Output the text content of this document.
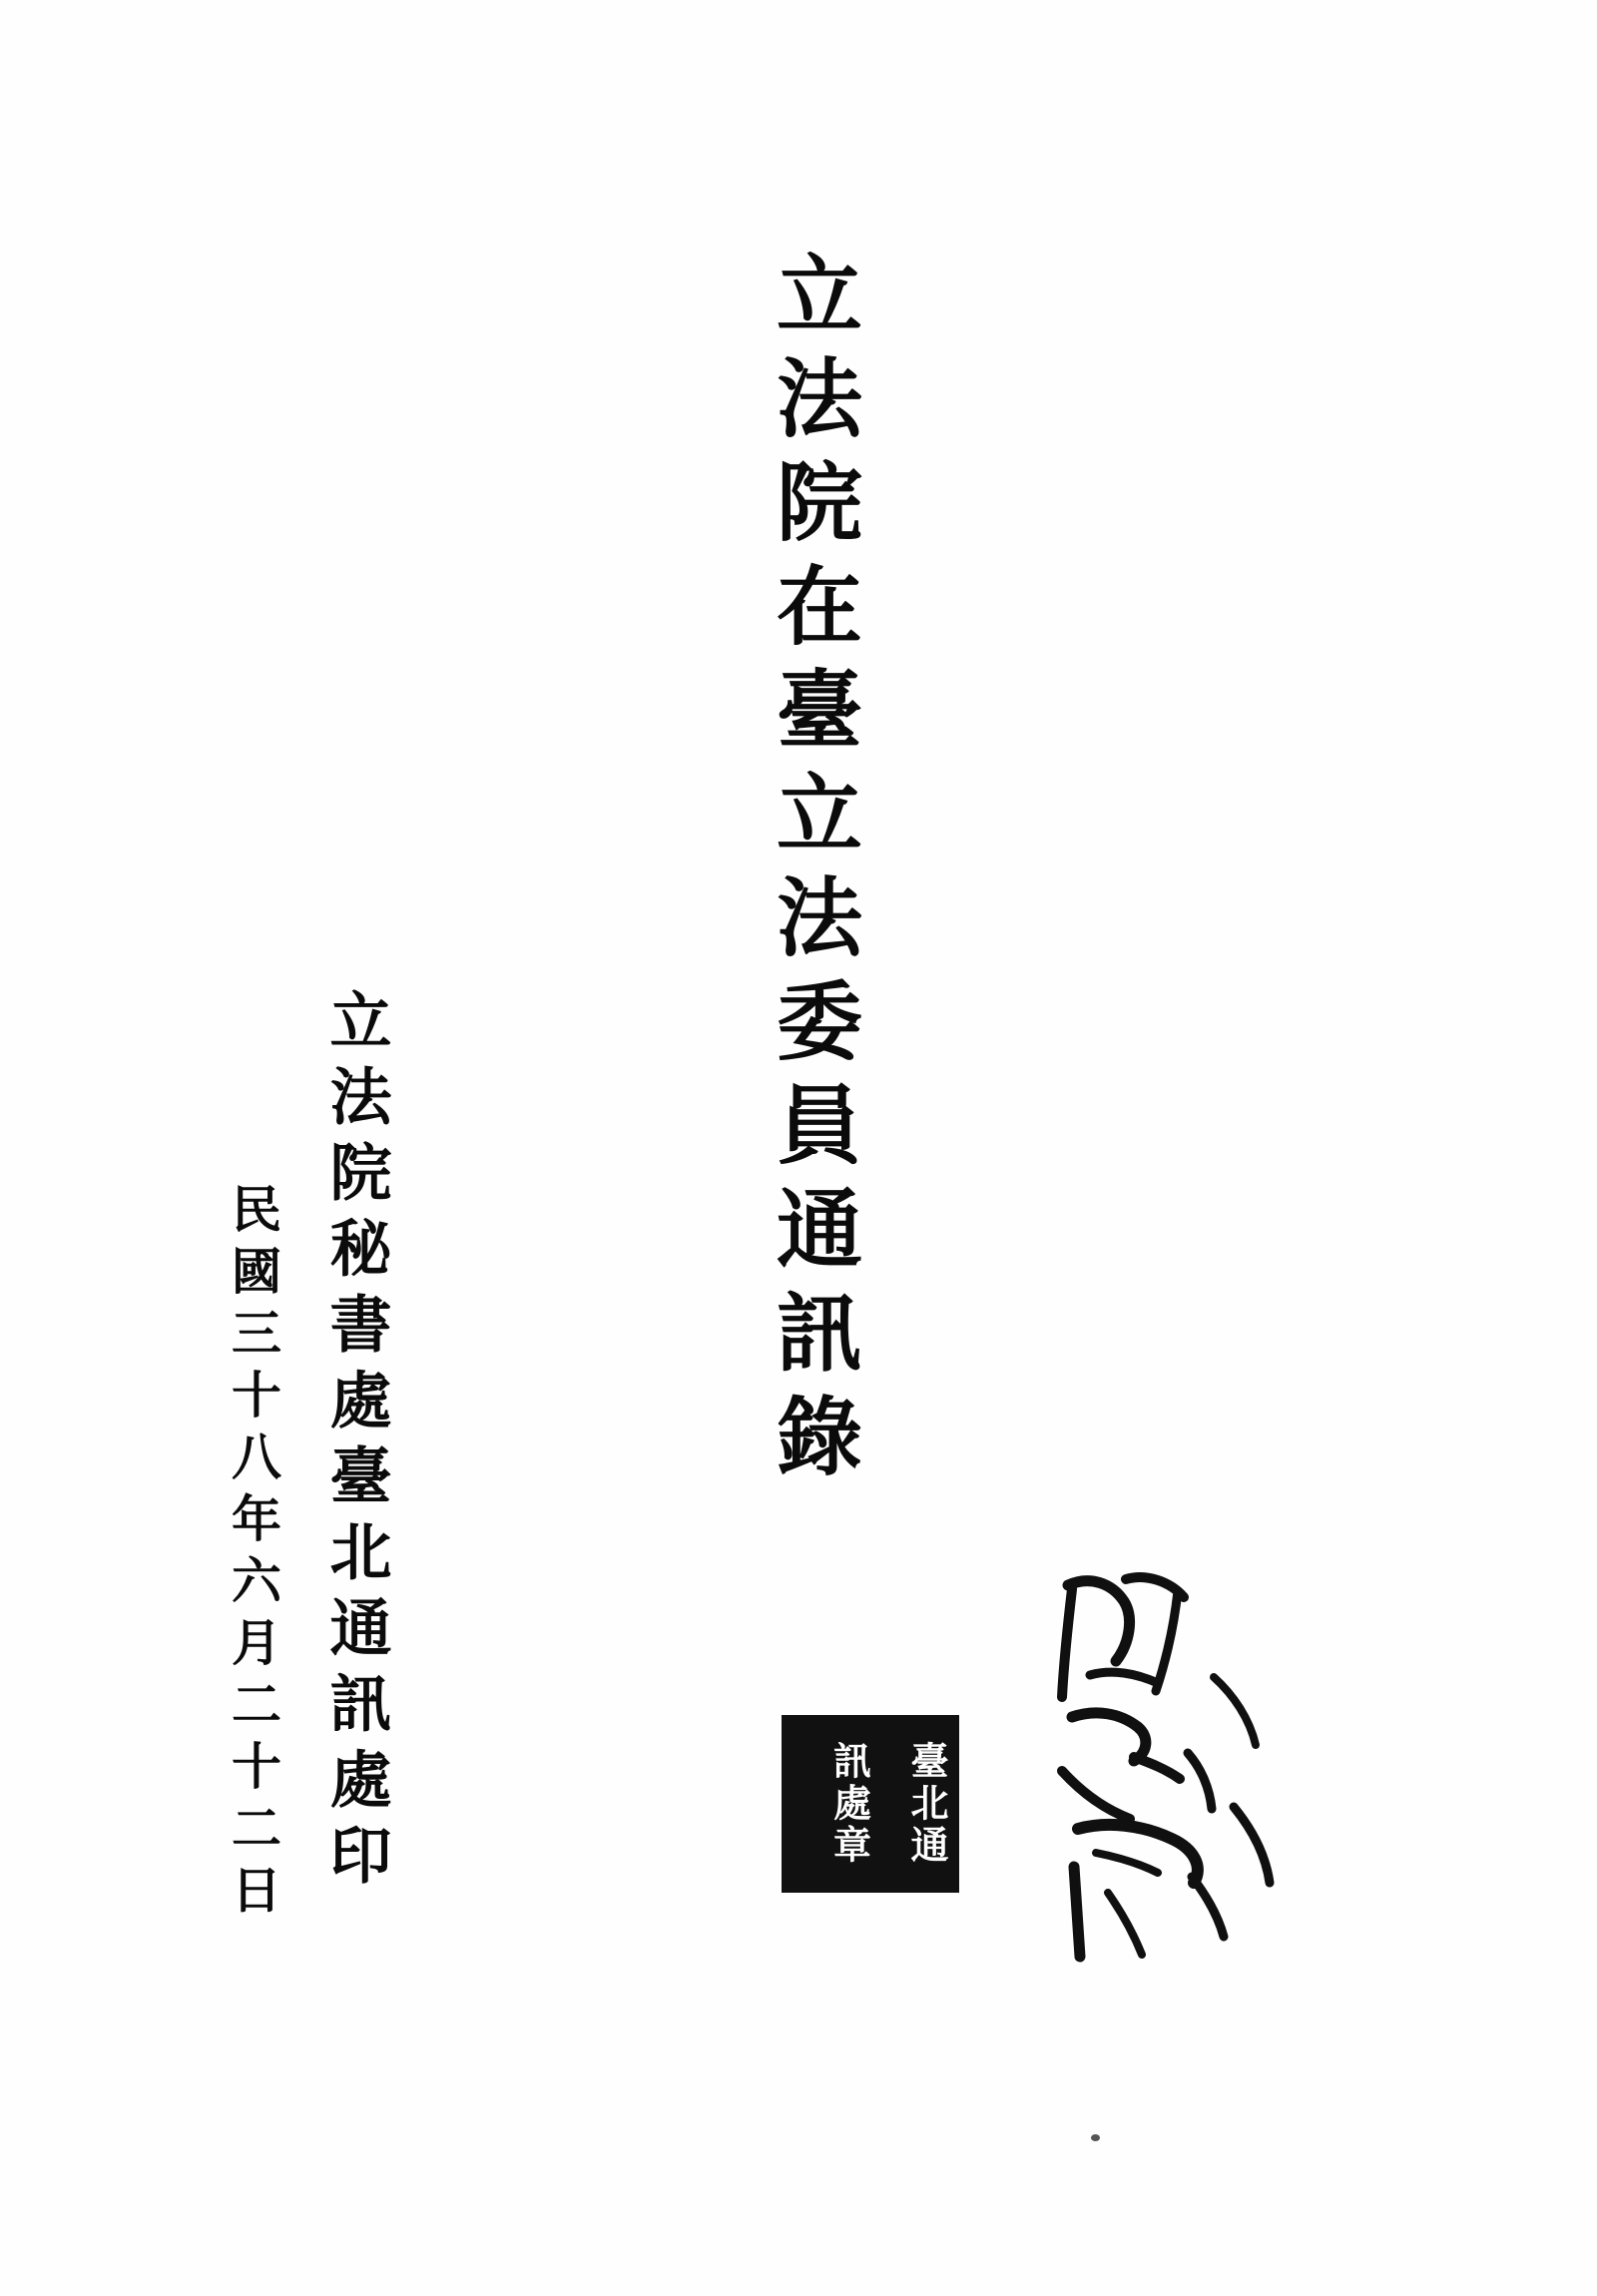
立法院在臺立法委員通訊錄
立法院秘書處臺北通訊處印
民國三十八年六月二十二日	臺北通
訊處章
